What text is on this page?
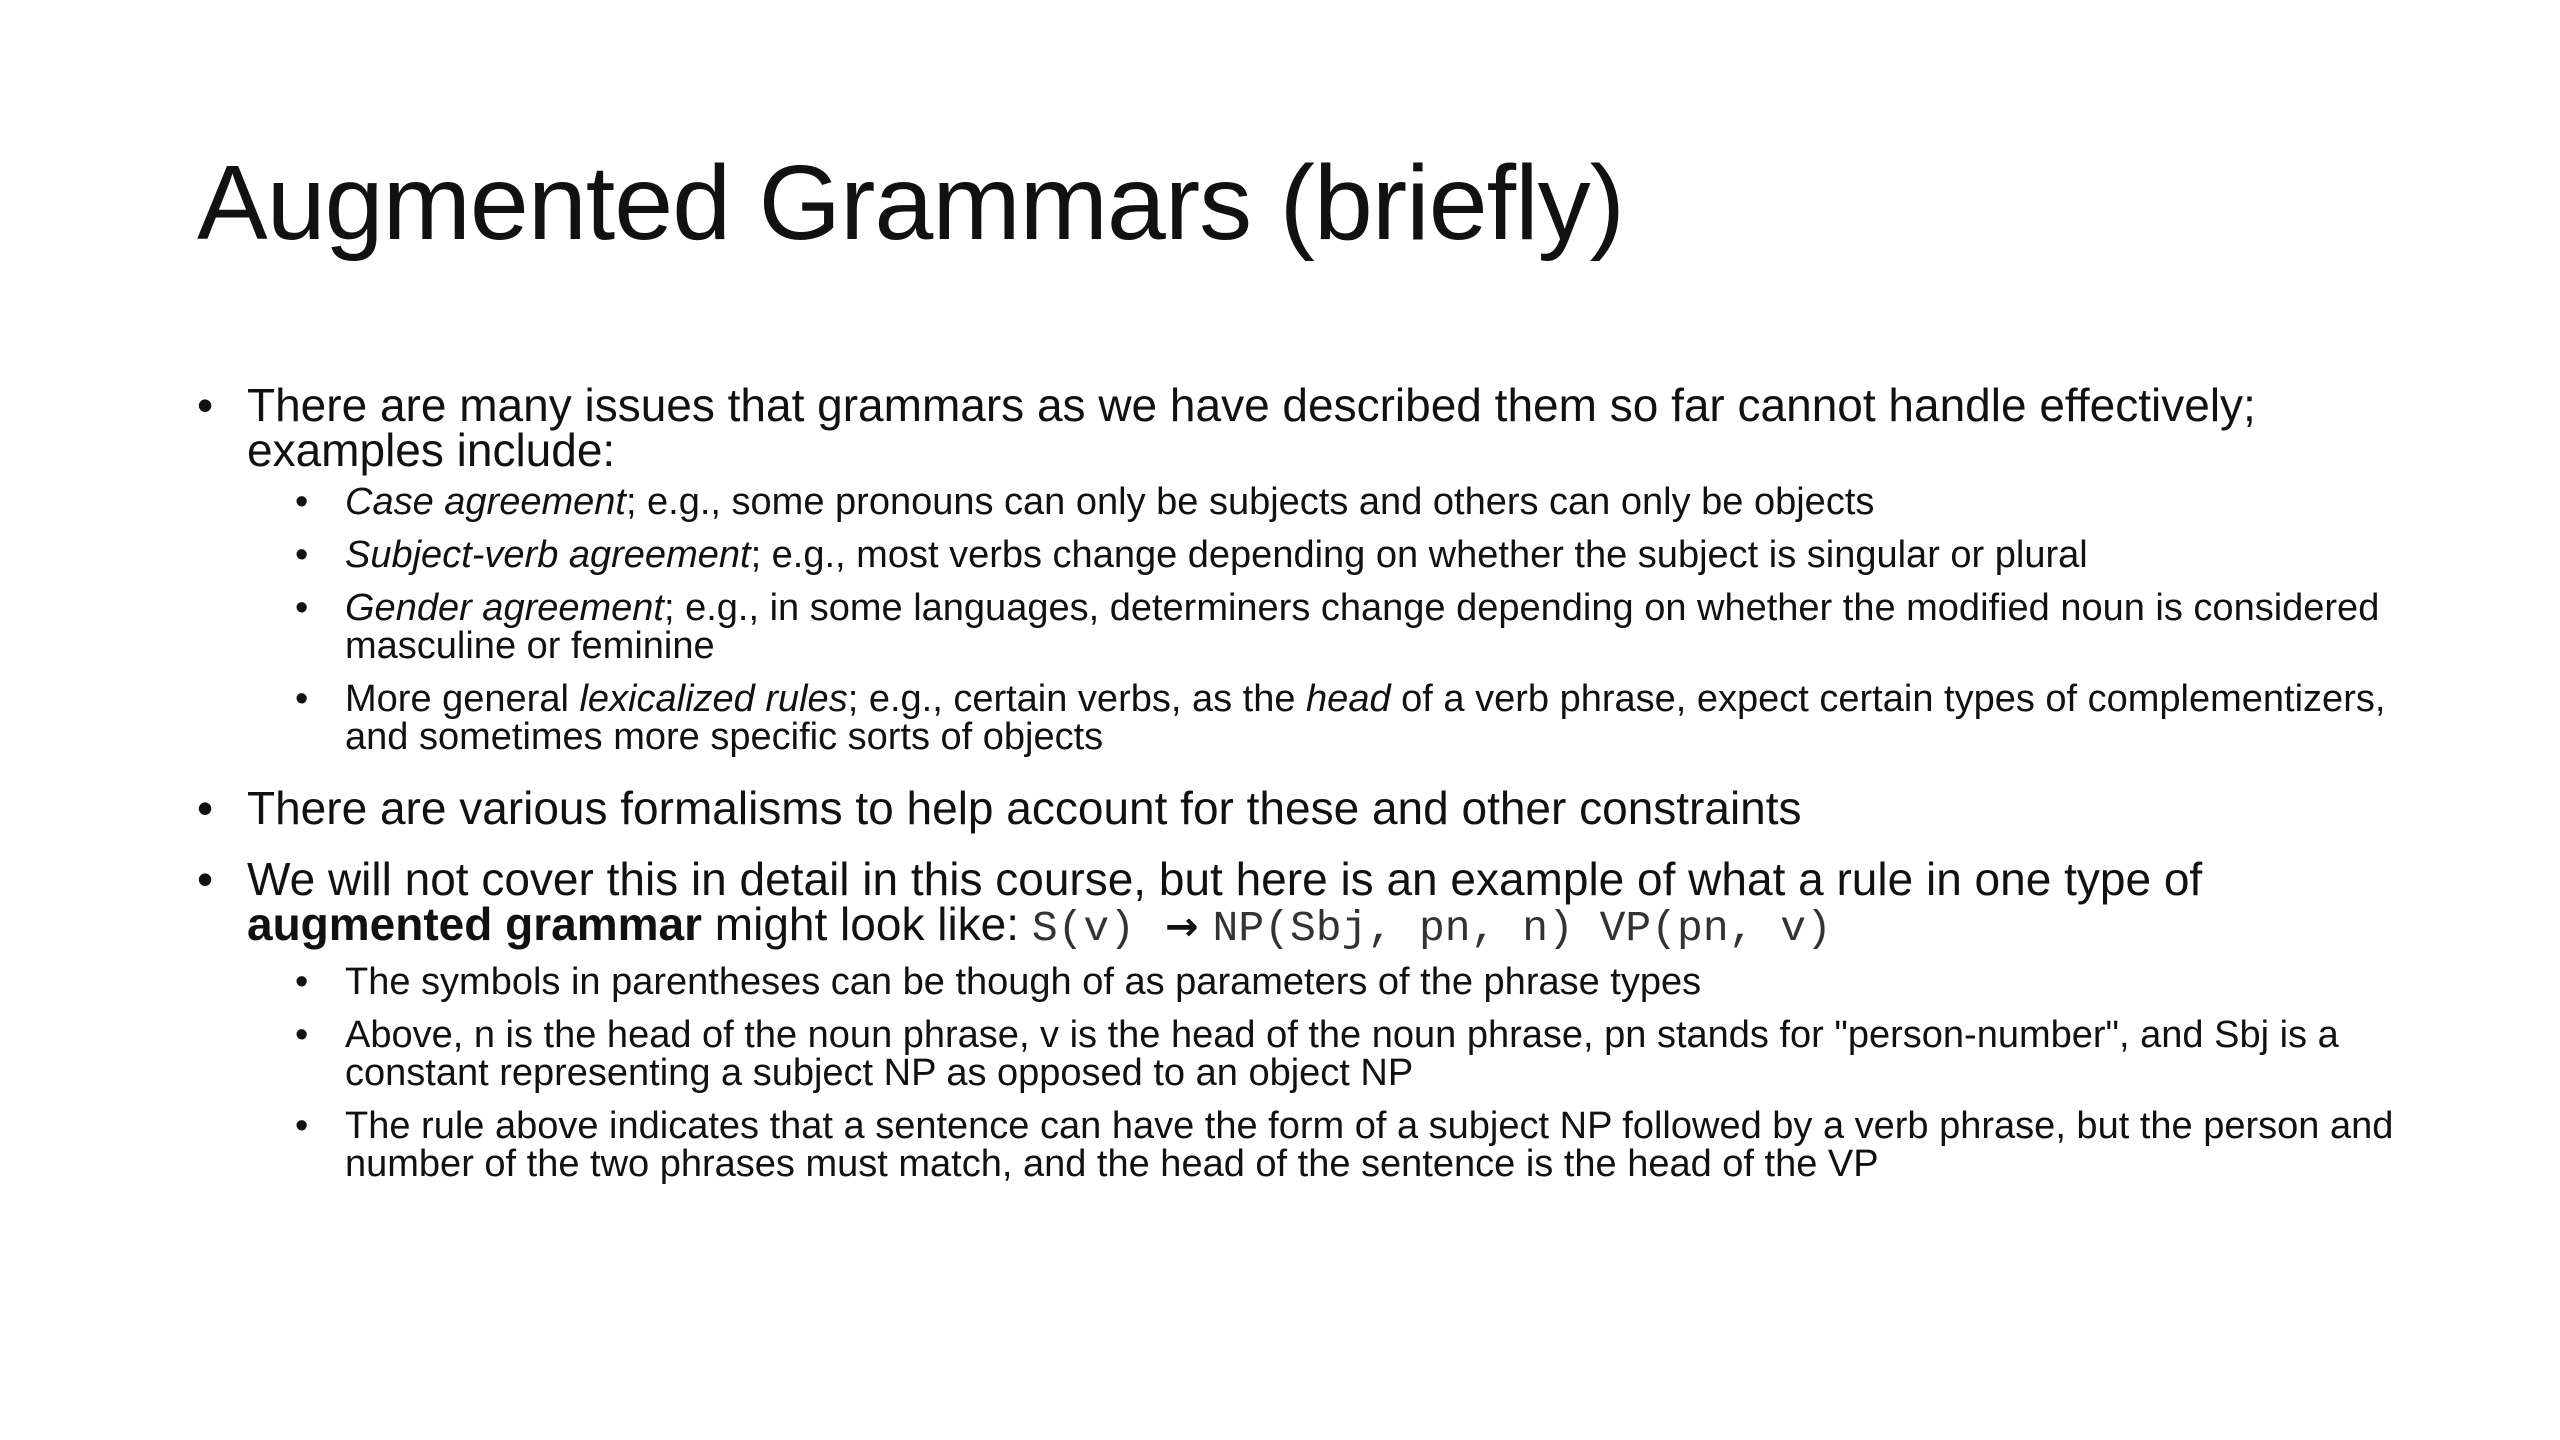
Augmented Grammars (briefly)

• There are many issues that grammars as we have described them so far cannot handle effectively; examples include:

• Case agreement; e.g., some pronouns can only be subjects and others can only be objects

• Subject-verb agreement; e.g., most verbs change depending on whether the subject is singular or plural

• Gender agreement; e.g., in some languages, determiners change depending on whether the modified noun is considered masculine or feminine

• More general lexicalized rules; e.g., certain verbs, as the head of a verb phrase, expect certain types of complementizers, and sometimes more specific sorts of objects

• There are various formalisms to help account for these and other constraints

• We will not cover this in detail in this course, but here is an example of what a rule in one type of augmented grammar might look like: S(v) → NP(Sbj, pn, n) VP(pn, v)

• The symbols in parentheses can be though of as parameters of the phrase types

• Above, n is the head of the noun phrase, v is the head of the noun phrase, pn stands for "person-number", and Sbj is a constant representing a subject NP as opposed to an object NP

• The rule above indicates that a sentence can have the form of a subject NP followed by a verb phrase, but the person and number of the two phrases must match, and the head of the sentence is the head of the VP
